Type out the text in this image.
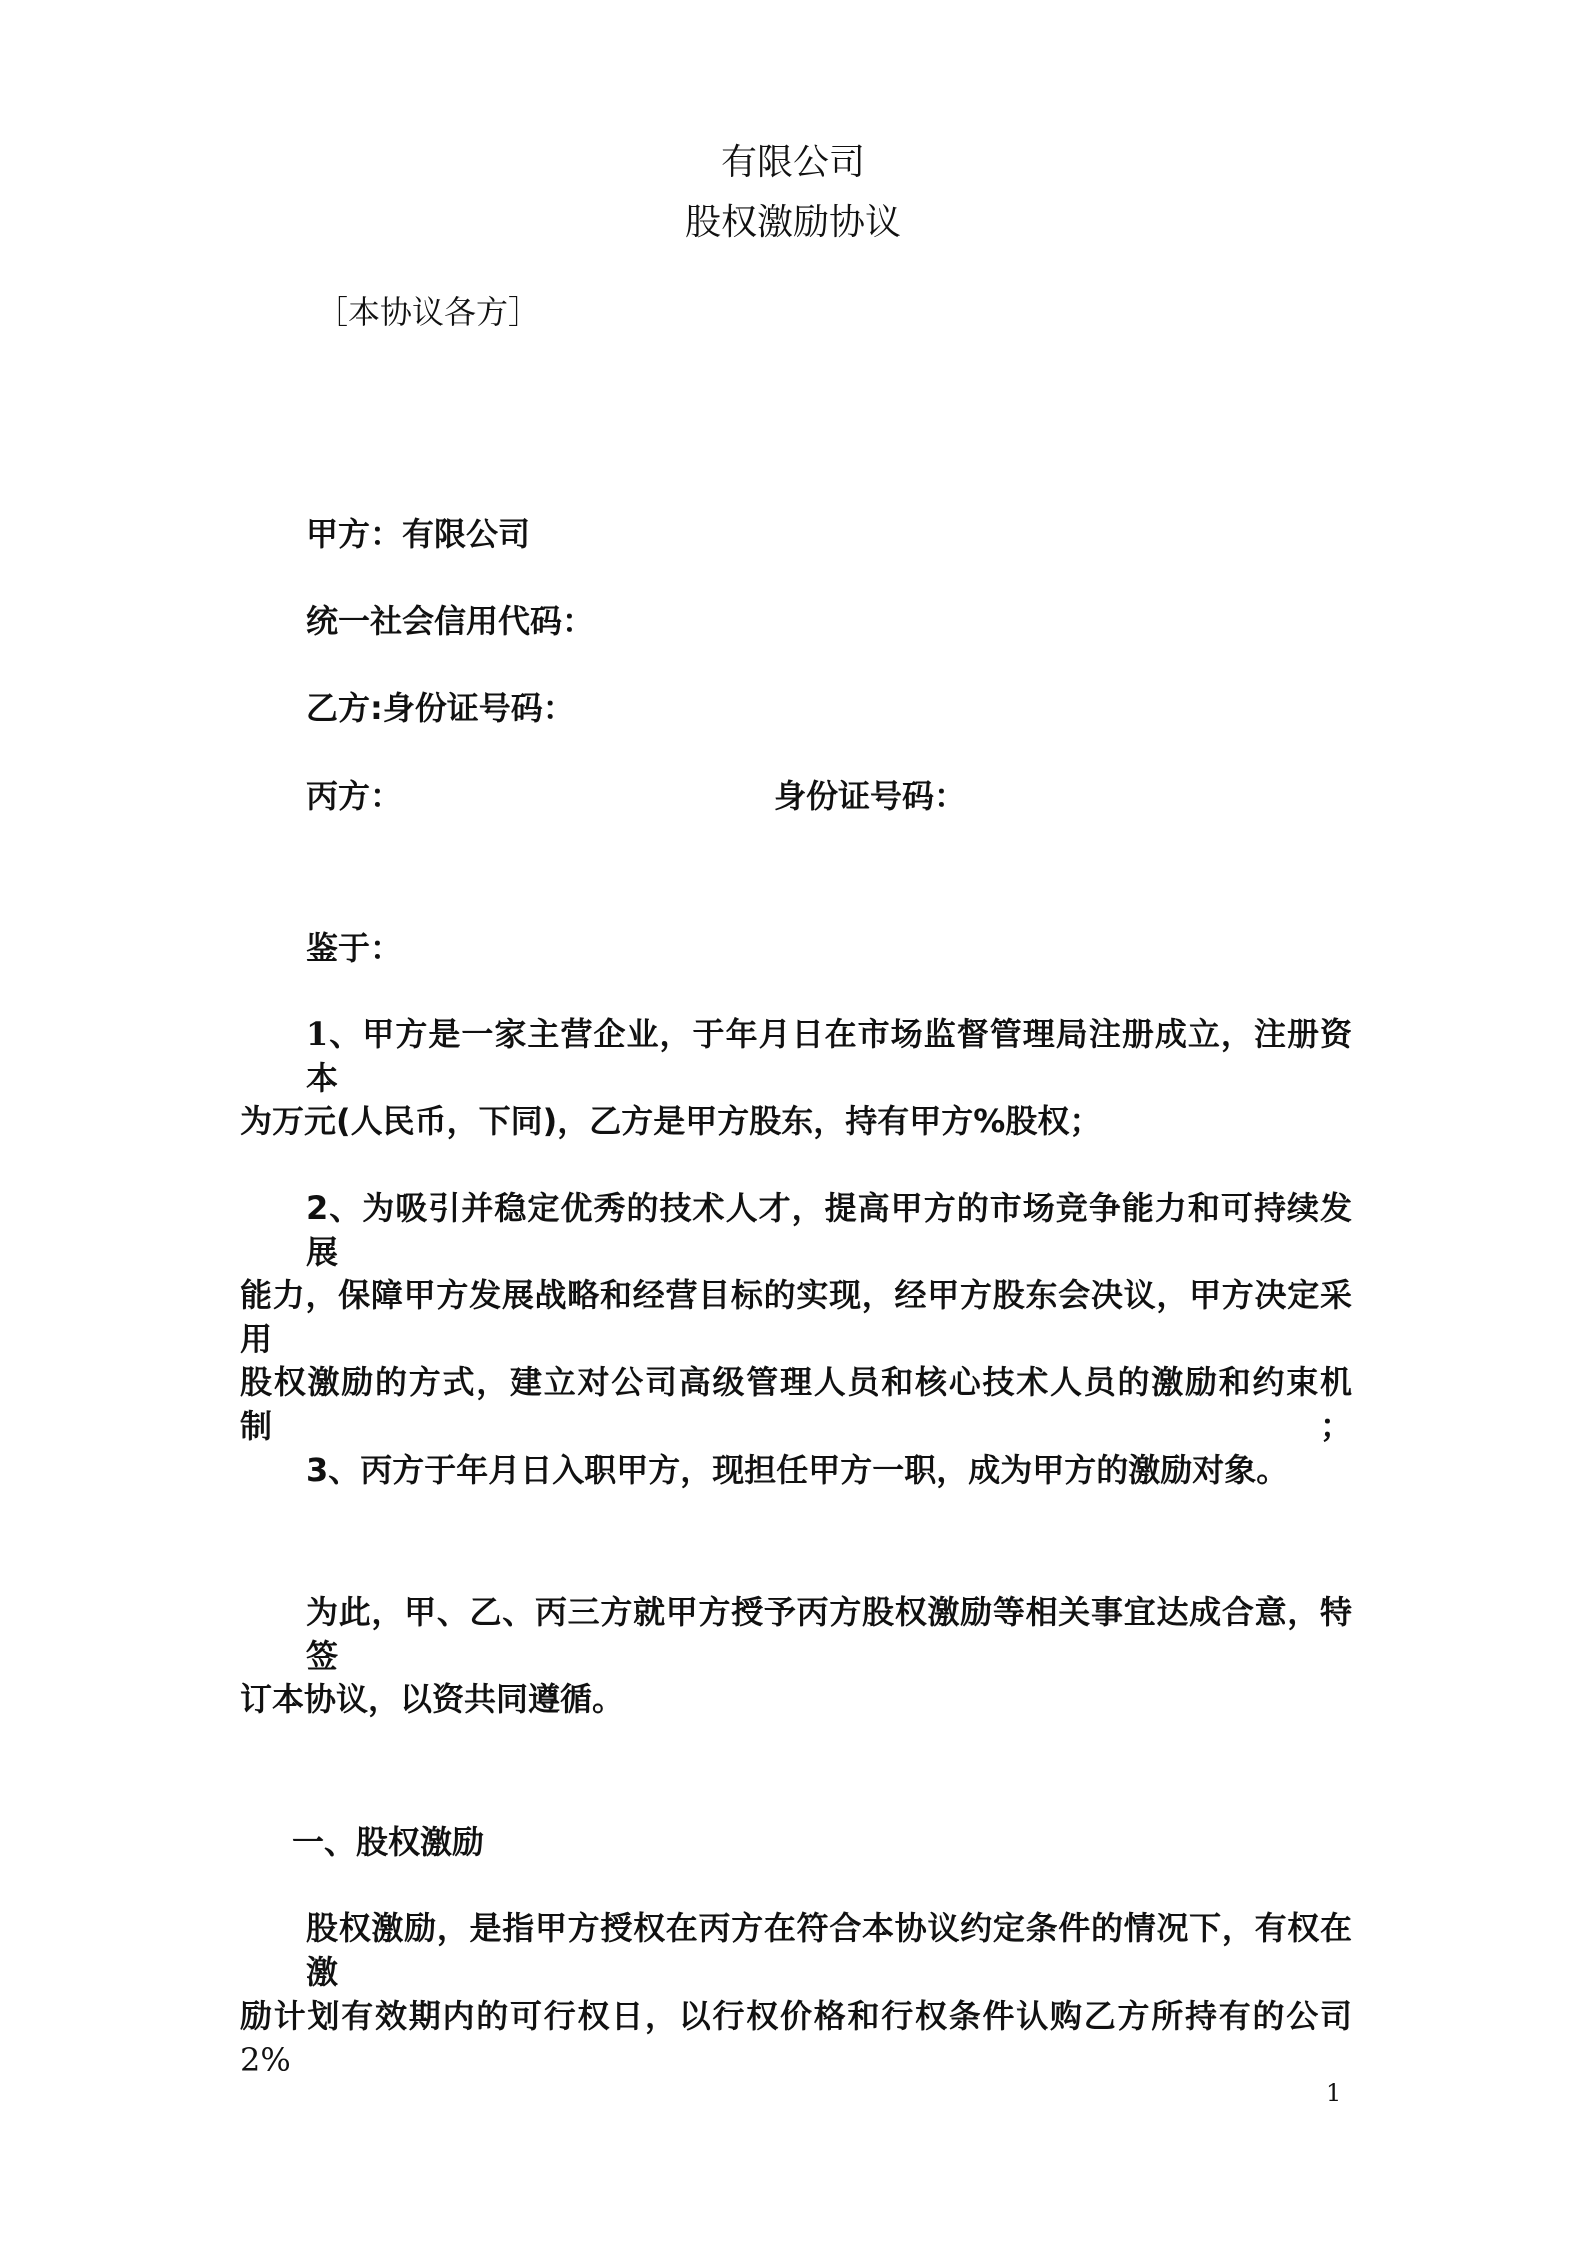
有限公司
股权激励协议
［本协议各方］
甲方：有限公司
统一社会信用代码：
乙方:身份证号码：
丙方：	身份证号码：
鉴于：
1、甲方是一家主营企业，于年月日在市场监督管理局注册成立，注册资本
为万元(人民币，下同)，乙方是甲方股东，持有甲方%股权；
2、为吸引并稳定优秀的技术人才，提高甲方的市场竞争能力和可持续发展
能力，保障甲方发展战略和经营目标的实现，经甲方股东会决议，甲方决定采用
股权激励的方式，建立对公司高级管理人员和核心技术人员的激励和约束机制；
3、丙方于年月日入职甲方，现担任甲方一职，成为甲方的激励对象。
为此，甲、乙、丙三方就甲方授予丙方股权激励等相关事宜达成合意，特签
订本协议，以资共同遵循。
一、股权激励
股权激励，是指甲方授权在丙方在符合本协议约定条件的情况下，有权在激
励计划有效期内的可行权日，以行权价格和行权条件认购乙方所持有的公司 2%
1
